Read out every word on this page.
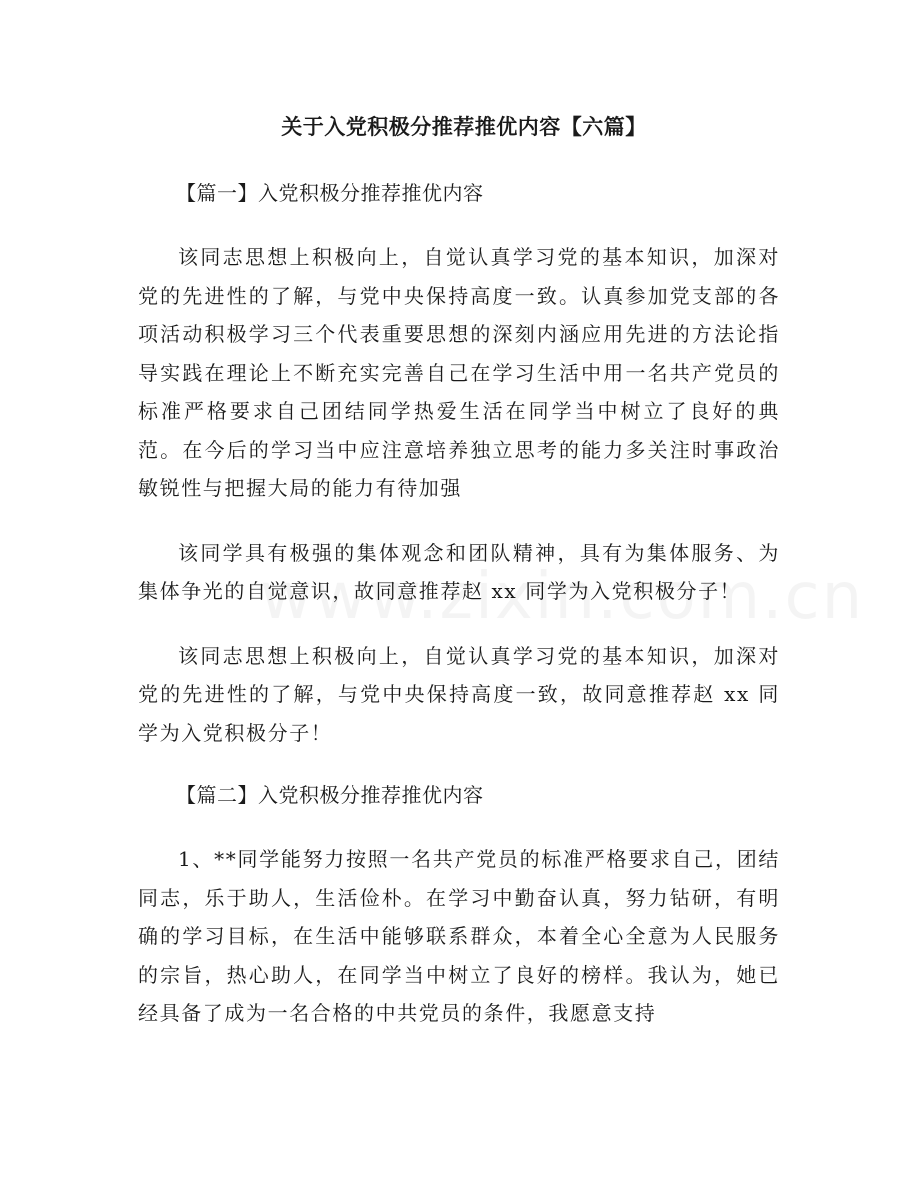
关于入党积极分推荐推优内容【六篇】
【篇一】入党积极分推荐推优内容

该同志思想上积极向上，自觉认真学习党的基本知识，加深对党的先进性的了解，与党中央保持高度一致。认真参加党支部的各项活动积极学习三个代表重要思想的深刻内涵应用先进的方法论指导实践在理论上不断充实完善自己在学习生活中用一名共产党员的标准严格要求自己团结同学热爱生活在同学当中树立了良好的典范。在今后的学习当中应注意培养独立思考的能力多关注时事政治敏锐性与把握大局的能力有待加强

该同学具有极强的集体观念和团队精神，具有为集体服务、为集体争光的自觉意识，故同意推荐赵 xx 同学为入党积极分子！

该同志思想上积极向上，自觉认真学习党的基本知识，加深对党的先进性的了解，与党中央保持高度一致，故同意推荐赵 xx 同学为入党积极分子！

【篇二】入党积极分推荐推优内容

1、**同学能努力按照一名共产党员的标准严格要求自己，团结同志，乐于助人，生活俭朴。在学习中勤奋认真，努力钻研，有明确的学习目标，在生活中能够联系群众，本着全心全意为人民服务的宗旨，热心助人，在同学当中树立了良好的榜样。我认为，她已经具备了成为一名合格的中共党员的条件，我愿意支持
